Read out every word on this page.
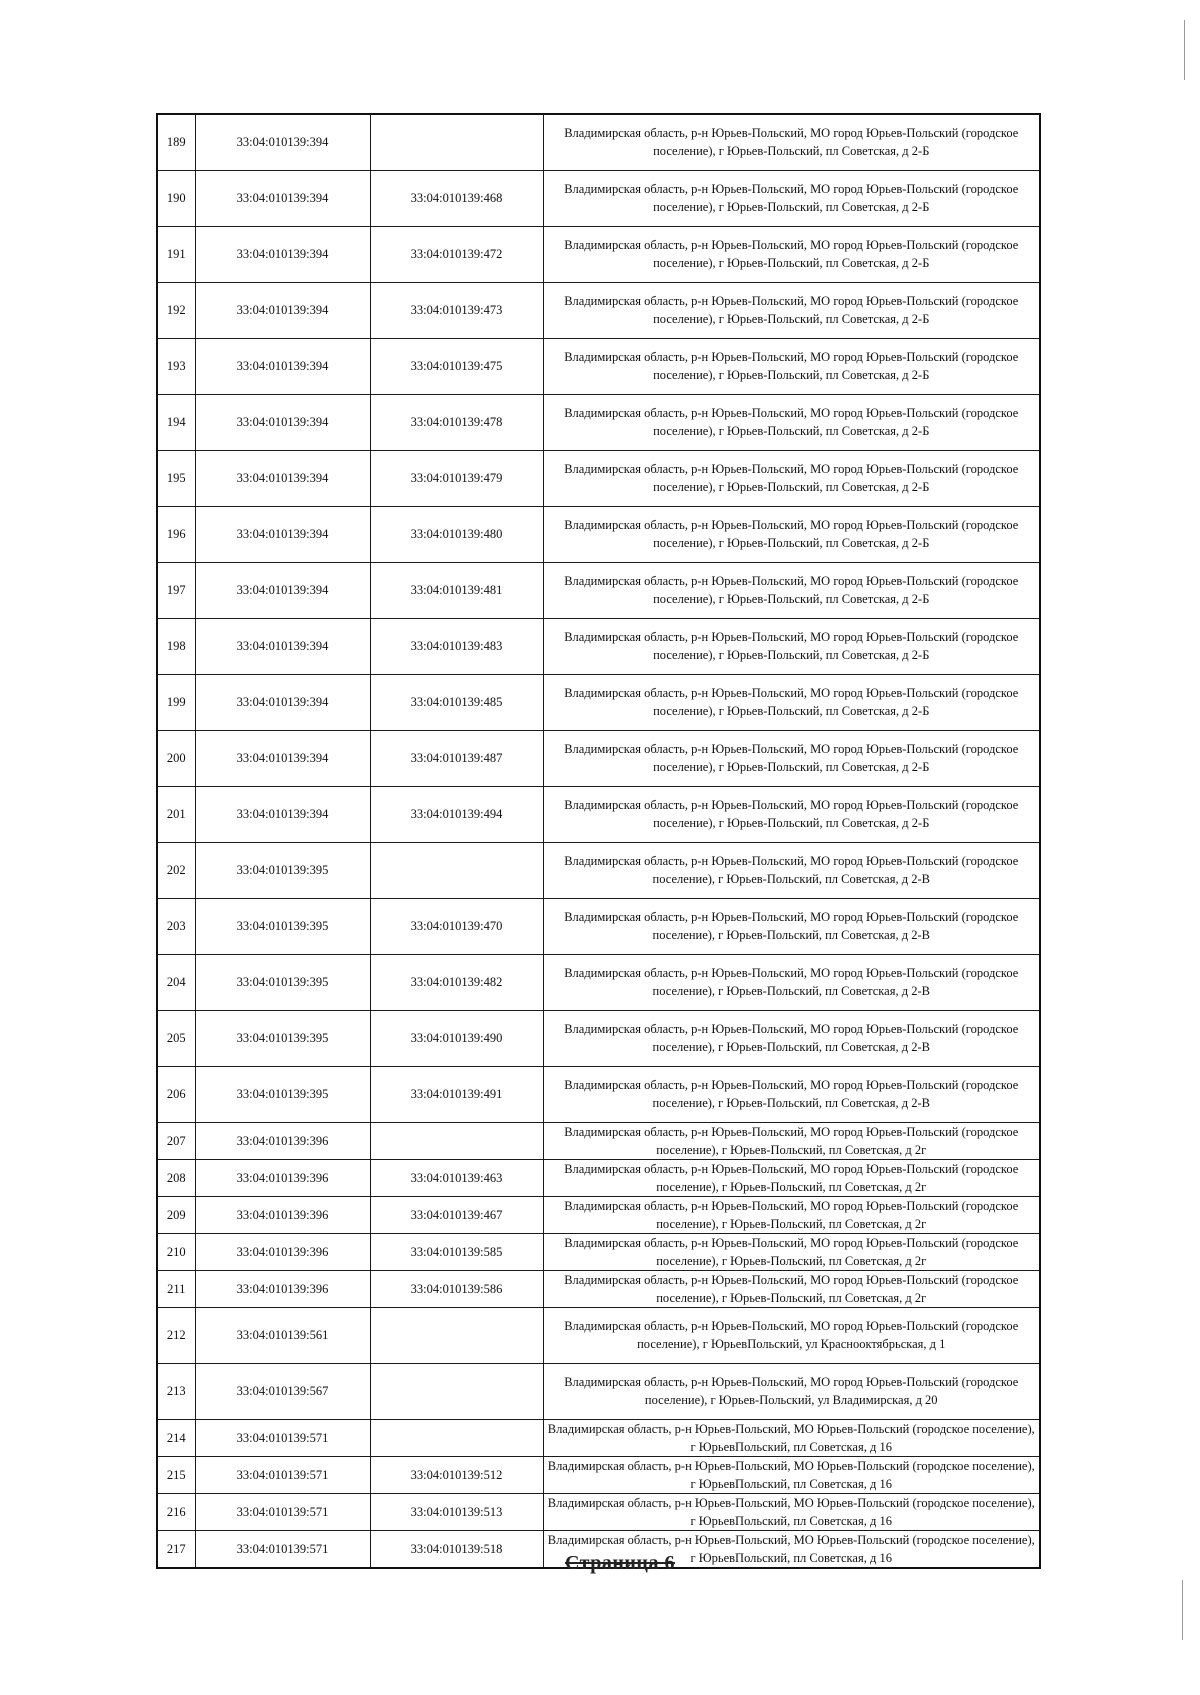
189	33:04:010139:394		Владимирская область, р-н Юрьев-Польский, МО город Юрьев-Польский (городское поселение), г Юрьев-Польский, пл Советская, д 2-Б
190	33:04:010139:394	33:04:010139:468	Владимирская область, р-н Юрьев-Польский, МО город Юрьев-Польский (городское поселение), г Юрьев-Польский, пл Советская, д 2-Б
191	33:04:010139:394	33:04:010139:472	Владимирская область, р-н Юрьев-Польский, МО город Юрьев-Польский (городское поселение), г Юрьев-Польский, пл Советская, д 2-Б
192	33:04:010139:394	33:04:010139:473	Владимирская область, р-н Юрьев-Польский, МО город Юрьев-Польский (городское поселение), г Юрьев-Польский, пл Советская, д 2-Б
193	33:04:010139:394	33:04:010139:475	Владимирская область, р-н Юрьев-Польский, МО город Юрьев-Польский (городское поселение), г Юрьев-Польский, пл Советская, д 2-Б
194	33:04:010139:394	33:04:010139:478	Владимирская область, р-н Юрьев-Польский, МО город Юрьев-Польский (городское поселение), г Юрьев-Польский, пл Советская, д 2-Б
195	33:04:010139:394	33:04:010139:479	Владимирская область, р-н Юрьев-Польский, МО город Юрьев-Польский (городское поселение), г Юрьев-Польский, пл Советская, д 2-Б
196	33:04:010139:394	33:04:010139:480	Владимирская область, р-н Юрьев-Польский, МО город Юрьев-Польский (городское поселение), г Юрьев-Польский, пл Советская, д 2-Б
197	33:04:010139:394	33:04:010139:481	Владимирская область, р-н Юрьев-Польский, МО город Юрьев-Польский (городское поселение), г Юрьев-Польский, пл Советская, д 2-Б
198	33:04:010139:394	33:04:010139:483	Владимирская область, р-н Юрьев-Польский, МО город Юрьев-Польский (городское поселение), г Юрьев-Польский, пл Советская, д 2-Б
199	33:04:010139:394	33:04:010139:485	Владимирская область, р-н Юрьев-Польский, МО город Юрьев-Польский (городское поселение), г Юрьев-Польский, пл Советская, д 2-Б
200	33:04:010139:394	33:04:010139:487	Владимирская область, р-н Юрьев-Польский, МО город Юрьев-Польский (городское поселение), г Юрьев-Польский, пл Советская, д 2-Б
201	33:04:010139:394	33:04:010139:494	Владимирская область, р-н Юрьев-Польский, МО город Юрьев-Польский (городское поселение), г Юрьев-Польский, пл Советская, д 2-Б
202	33:04:010139:395		Владимирская область, р-н Юрьев-Польский, МО город Юрьев-Польский (городское поселение), г Юрьев-Польский, пл Советская, д 2-В
203	33:04:010139:395	33:04:010139:470	Владимирская область, р-н Юрьев-Польский, МО город Юрьев-Польский (городское поселение), г Юрьев-Польский, пл Советская, д 2-В
204	33:04:010139:395	33:04:010139:482	Владимирская область, р-н Юрьев-Польский, МО город Юрьев-Польский (городское поселение), г Юрьев-Польский, пл Советская, д 2-В
205	33:04:010139:395	33:04:010139:490	Владимирская область, р-н Юрьев-Польский, МО город Юрьев-Польский (городское поселение), г Юрьев-Польский, пл Советская, д 2-В
206	33:04:010139:395	33:04:010139:491	Владимирская область, р-н Юрьев-Польский, МО город Юрьев-Польский (городское поселение), г Юрьев-Польский, пл Советская, д 2-В
207	33:04:010139:396		Владимирская область, р-н Юрьев-Польский, МО город Юрьев-Польский (городское поселение), г Юрьев-Польский, пл Советская, д 2г
208	33:04:010139:396	33:04:010139:463	Владимирская область, р-н Юрьев-Польский, МО город Юрьев-Польский (городское поселение), г Юрьев-Польский, пл Советская, д 2г
209	33:04:010139:396	33:04:010139:467	Владимирская область, р-н Юрьев-Польский, МО город Юрьев-Польский (городское поселение), г Юрьев-Польский, пл Советская, д 2г
210	33:04:010139:396	33:04:010139:585	Владимирская область, р-н Юрьев-Польский, МО город Юрьев-Польский (городское поселение), г Юрьев-Польский, пл Советская, д 2г
211	33:04:010139:396	33:04:010139:586	Владимирская область, р-н Юрьев-Польский, МО город Юрьев-Польский (городское поселение), г Юрьев-Польский, пл Советская, д 2г
212	33:04:010139:561		Владимирская область, р-н Юрьев-Польский, МО город Юрьев-Польский (городское поселение), г ЮрьевПольский, ул Краснооктябрьская, д 1
213	33:04:010139:567		Владимирская область, р-н Юрьев-Польский, МО город Юрьев-Польский (городское поселение), г Юрьев-Польский, ул Владимирская, д 20
214	33:04:010139:571		Владимирская область, р-н Юрьев-Польский, МО Юрьев-Польский (городское поселение), г ЮрьевПольский, пл Советская, д 16
215	33:04:010139:571	33:04:010139:512	Владимирская область, р-н Юрьев-Польский, МО Юрьев-Польский (городское поселение), г ЮрьевПольский, пл Советская, д 16
216	33:04:010139:571	33:04:010139:513	Владимирская область, р-н Юрьев-Польский, МО Юрьев-Польский (городское поселение), г ЮрьевПольский, пл Советская, д 16
217	33:04:010139:571	33:04:010139:518	Владимирская область, р-н Юрьев-Польский, МО Юрьев-Польский (городское поселение), г ЮрьевПольский, пл Советская, д 16
Страница 6
